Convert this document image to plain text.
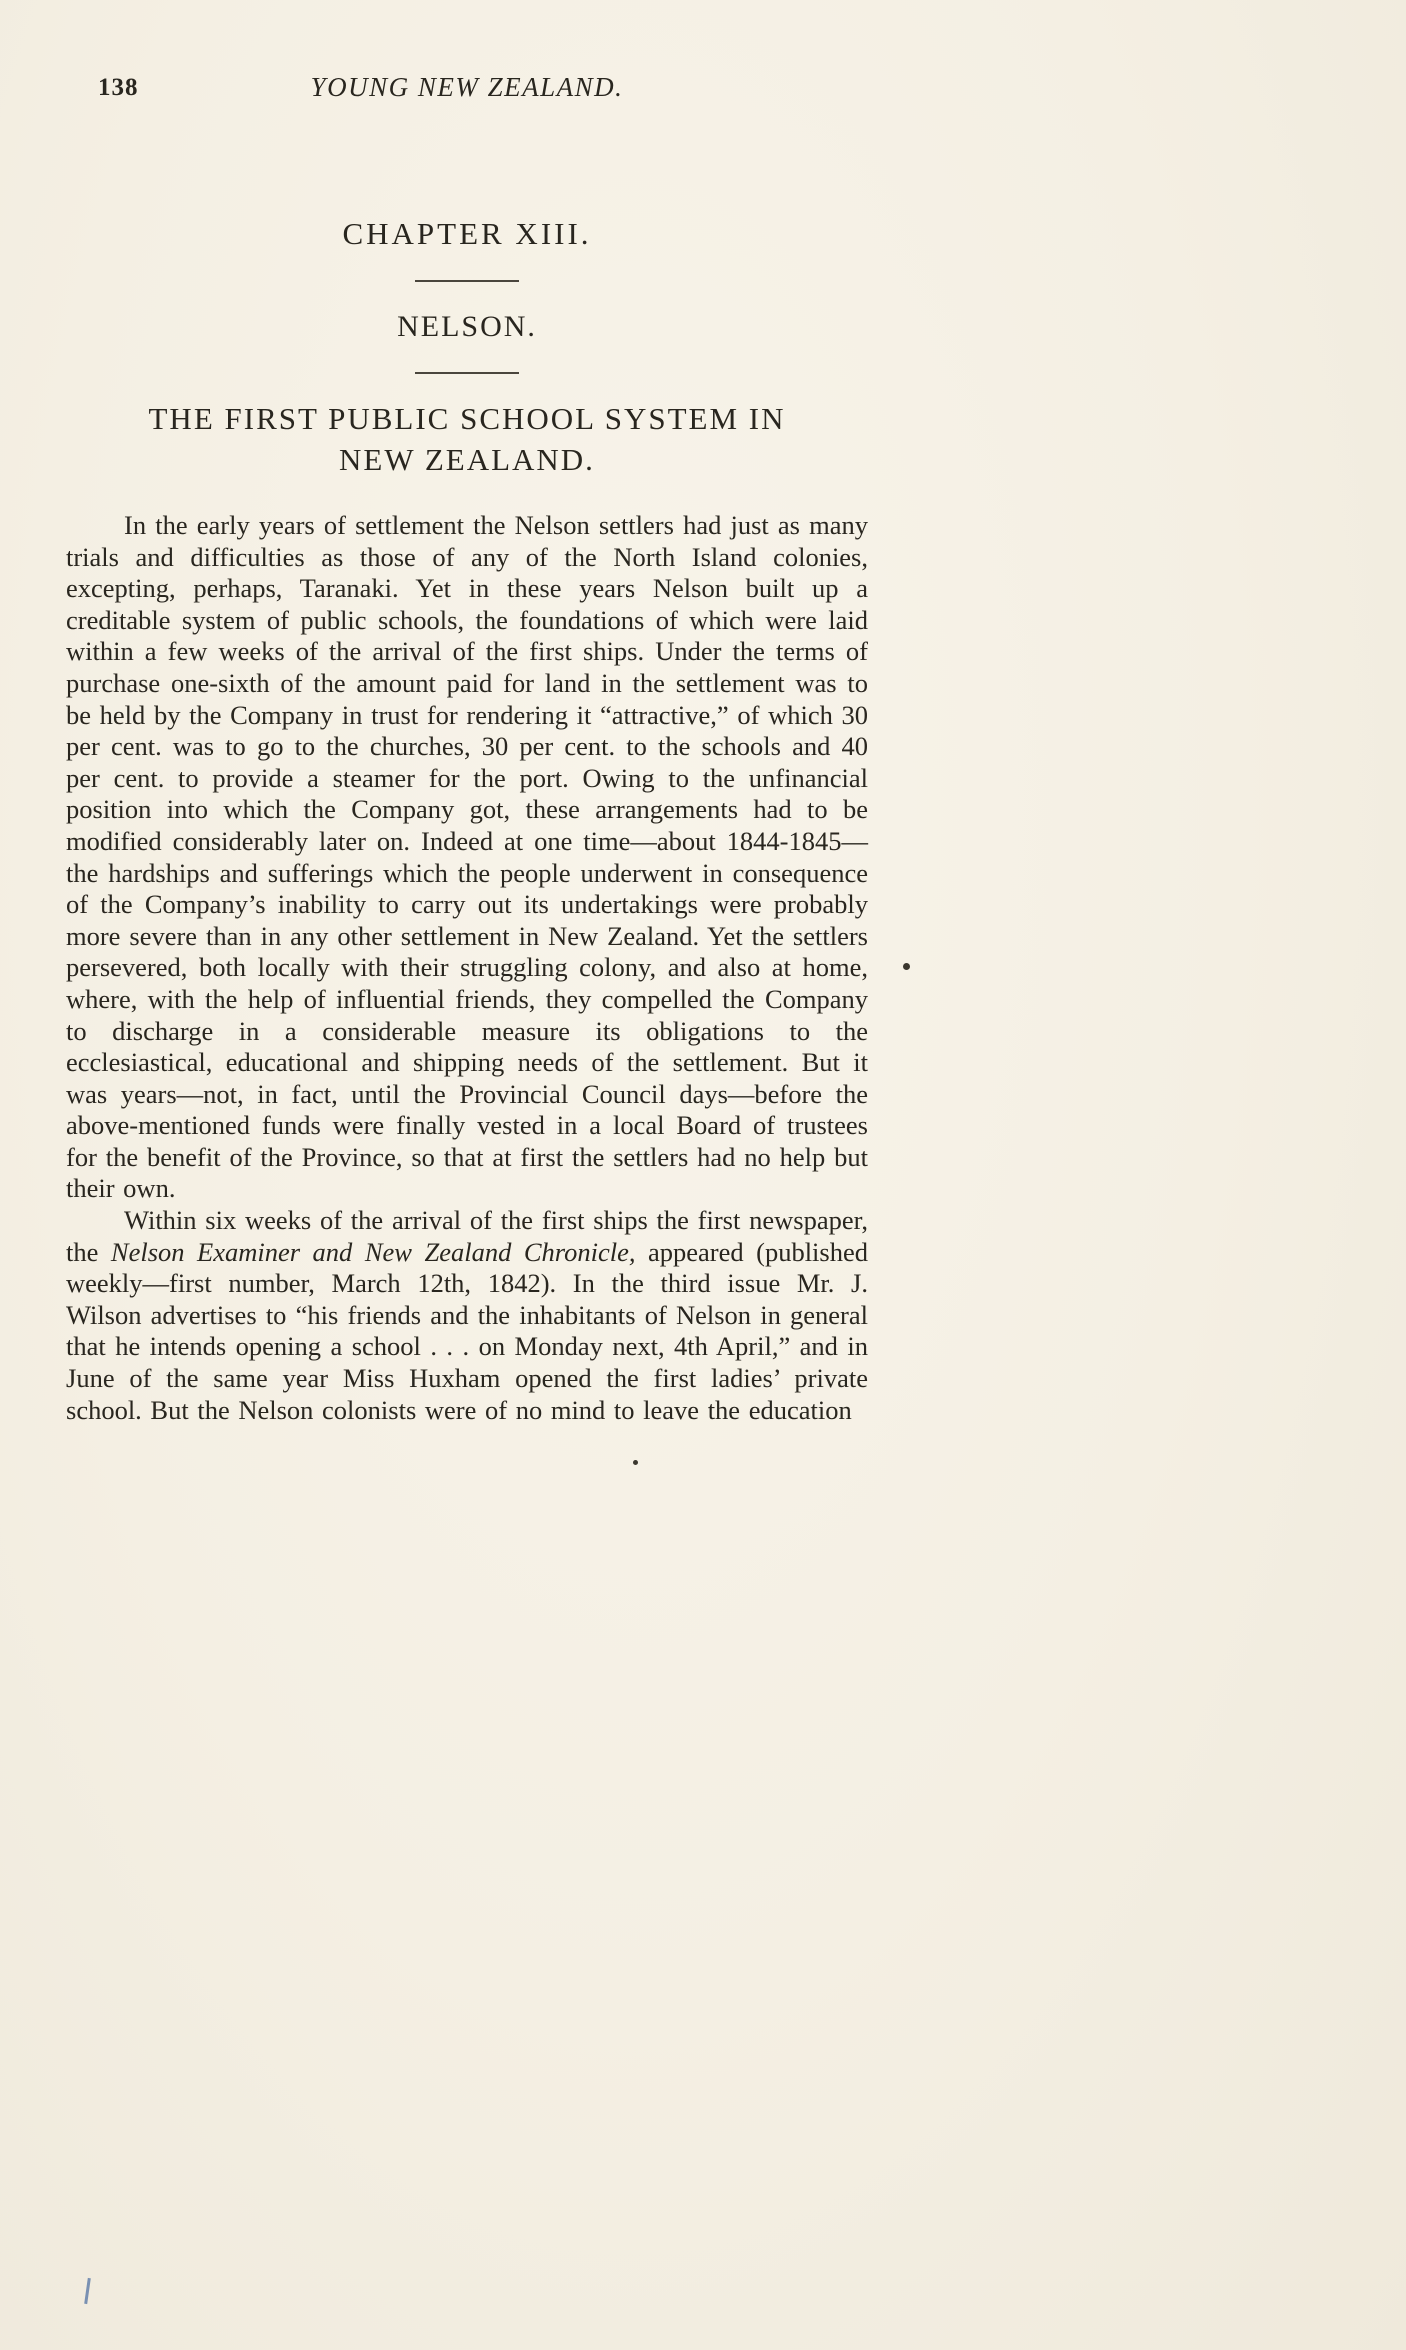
138	YOUNG NEW ZEALAND.
CHAPTER XIII.
NELSON.
THE FIRST PUBLIC SCHOOL SYSTEM IN
NEW ZEALAND.

In the early years of settlement the Nelson settlers had just as many trials and difficulties as those of any of the North Island colonies, excepting, perhaps, Taranaki. Yet in these years Nelson built up a creditable system of public schools, the foundations of which were laid within a few weeks of the arrival of the first ships. Under the terms of purchase one-sixth of the amount paid for land in the settlement was to be held by the Company in trust for rendering it “attractive,” of which 30 per cent. was to go to the churches, 30 per cent. to the schools and 40 per cent. to provide a steamer for the port. Owing to the unfinancial position into which the Company got, these arrangements had to be modified considerably later on. Indeed at one time—about 1844-1845—the hardships and sufferings which the people underwent in consequence of the Company’s inability to carry out its undertakings were probably more severe than in any other settlement in New Zealand. Yet the settlers persevered, both locally with their struggling colony, and also at home, where, with the help of influential friends, they compelled the Company to discharge in a considerable measure its obligations to the ecclesiastical, educational and shipping needs of the settlement. But it was years—not, in fact, until the Provincial Council days—before the above-mentioned funds were finally vested in a local Board of trustees for the benefit of the Province, so that at first the settlers had no help but their own.

Within six weeks of the arrival of the first ships the first newspaper, the Nelson Examiner and New Zealand Chronicle, appeared (published weekly—first number, March 12th, 1842). In the third issue Mr. J. Wilson advertises to “his friends and the inhabitants of Nelson in general that he intends opening a school . . . on Monday next, 4th April,” and in June of the same year Miss Huxham opened the first ladies’ private school. But the Nelson colonists were of no mind to leave the education
